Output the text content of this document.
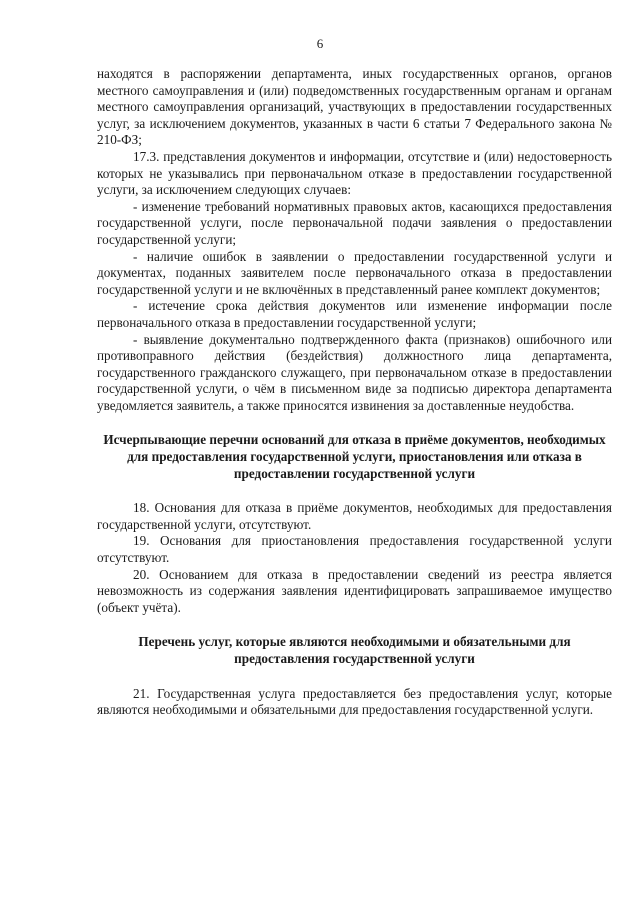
6

находятся в распоряжении департамента, иных государственных органов, органов местного самоуправления и (или) подведомственных государственным органам и органам местного самоуправления организаций, участвующих в предоставлении государственных услуг, за исключением документов, указанных в части 6 статьи 7 Федерального закона № 210-ФЗ;

17.3. представления документов и информации, отсутствие и (или) недостоверность которых не указывались при первоначальном отказе в предоставлении государственной услуги, за исключением следующих случаев:

- изменение требований нормативных правовых актов, касающихся предоставления государственной услуги, после первоначальной подачи заявления о предоставлении государственной услуги;

- наличие ошибок в заявлении о предоставлении государственной услуги и документах, поданных заявителем после первоначального отказа в предоставлении государственной услуги и не включённых в представленный ранее комплект документов;

- истечение срока действия документов или изменение информации после первоначального отказа в предоставлении государственной услуги;

- выявление документально подтвержденного факта (признаков) ошибочного или противоправного действия (бездействия) должностного лица департамента, государственного гражданского служащего, при первоначальном отказе в предоставлении государственной услуги, о чём в письменном виде за подписью директора департамента уведомляется заявитель, а также приносятся извинения за доставленные неудобства.

Исчерпывающие перечни оснований для отказа в приёме документов, необходимых для предоставления государственной услуги, приостановления или отказа в предоставлении государственной услуги

18. Основания для отказа в приёме документов, необходимых для предоставления государственной услуги, отсутствуют.

19. Основания для приостановления предоставления государственной услуги отсутствуют.

20. Основанием для отказа в предоставлении сведений из реестра является невозможность из содержания заявления идентифицировать запрашиваемое имущество (объект учёта).

Перечень услуг, которые являются необходимыми и обязательными для предоставления государственной услуги

21. Государственная услуга предоставляется без предоставления услуг, которые являются необходимыми и обязательными для предоставления государственной услуги.
